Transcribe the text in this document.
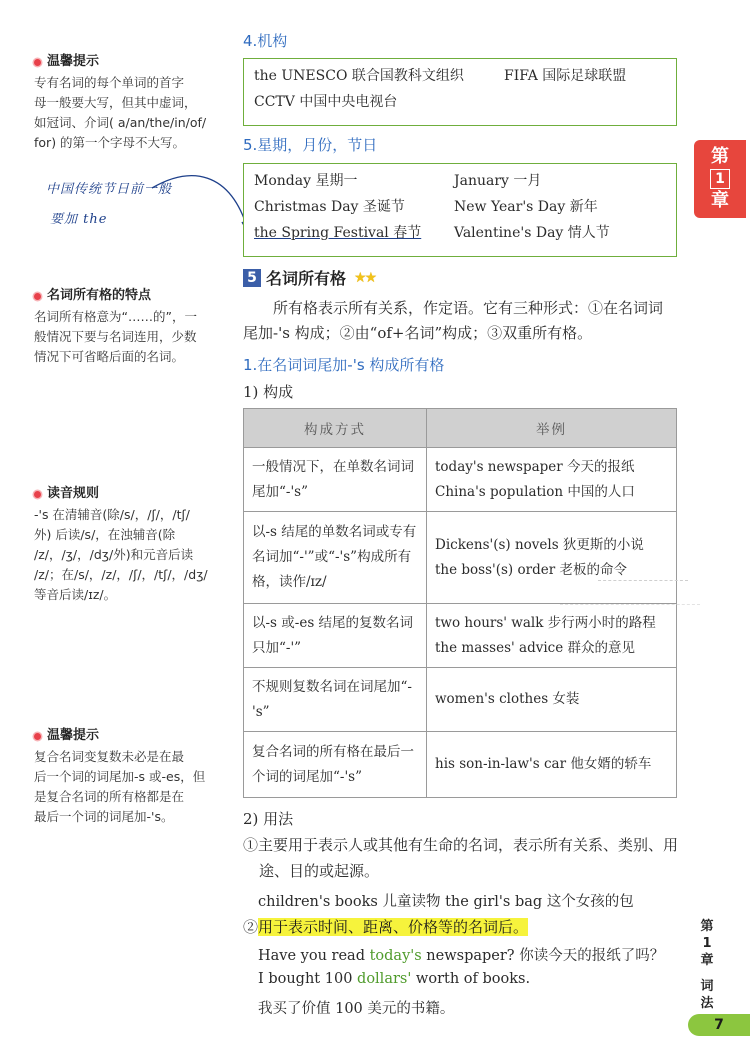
温馨提示
专有名词的每个单词的首字
母一般要大写，但其中虚词，
如冠词、介词( a/an/the/in/of/
for) 的第一个字母不大写。
中国传统节日前一般
要加 the
名词所有格的特点
名词所有格意为“……的”，一
般情况下要与名词连用，少数
情况下可省略后面的名词。
读音规则
-'s 在清辅音(除/s/，/ʃ/，/tʃ/
外) 后读/s/，在浊辅音(除
/z/，/ʒ/，/dʒ/外)和元音后读
/z/；在/s/，/z/，/ʃ/，/tʃ/，/dʒ/
等音后读/ɪz/。
温馨提示
复合名词变复数未必是在最
后一个词的词尾加-s 或-es，但
是复合名词的所有格都是在
最后一个词的词尾加-'s。
4.机构
the UNESCO 联合国教科文组织	FIFA 国际足球联盟
CCTV 中国中央电视台
5.星期，月份，节日
Monday 星期一	January 一月
Christmas Day 圣诞节	New Year's Day 新年
the Spring Festival 春节	Valentine's Day 情人节
5 名词所有格 ★★
所有格表示所有关系，作定语。它有三种形式：①在名词词尾加-'s 构成；②由“of+名词”构成；③双重所有格。
1.在名词词尾加-'s 构成所有格
1) 构成
构成方式	举例
一般情况下，在单数名词词尾加“-'s”	today's newspaper 今天的报纸
China's population 中国的人口
以-s 结尾的单数名词或专有名词加“-'”或“-'s”构成所有格，读作/ɪz/	Dickens'(s) novels 狄更斯的小说
the boss'(s) order 老板的命令
以-s 或-es 结尾的复数名词只加“-'”	two hours' walk 步行两小时的路程
the masses' advice 群众的意见
不规则复数名词在词尾加“-'s”	women's clothes 女装
复合名词的所有格在最后一个词的词尾加“-'s”	his son-in-law's car 他女婿的轿车
2) 用法
①主要用于表示人或其他有生命的名词，表示所有关系、类别、用途、目的或起源。
children's books 儿童读物 the girl's bag 这个女孩的包
②用于表示时间、距离、价格等的名词后。
Have you read today's newspaper? 你读今天的报纸了吗？
I bought 100 dollars' worth of books.
我买了价值 100 美元的书籍。
第
1
章
第
1
章
词
法
7
